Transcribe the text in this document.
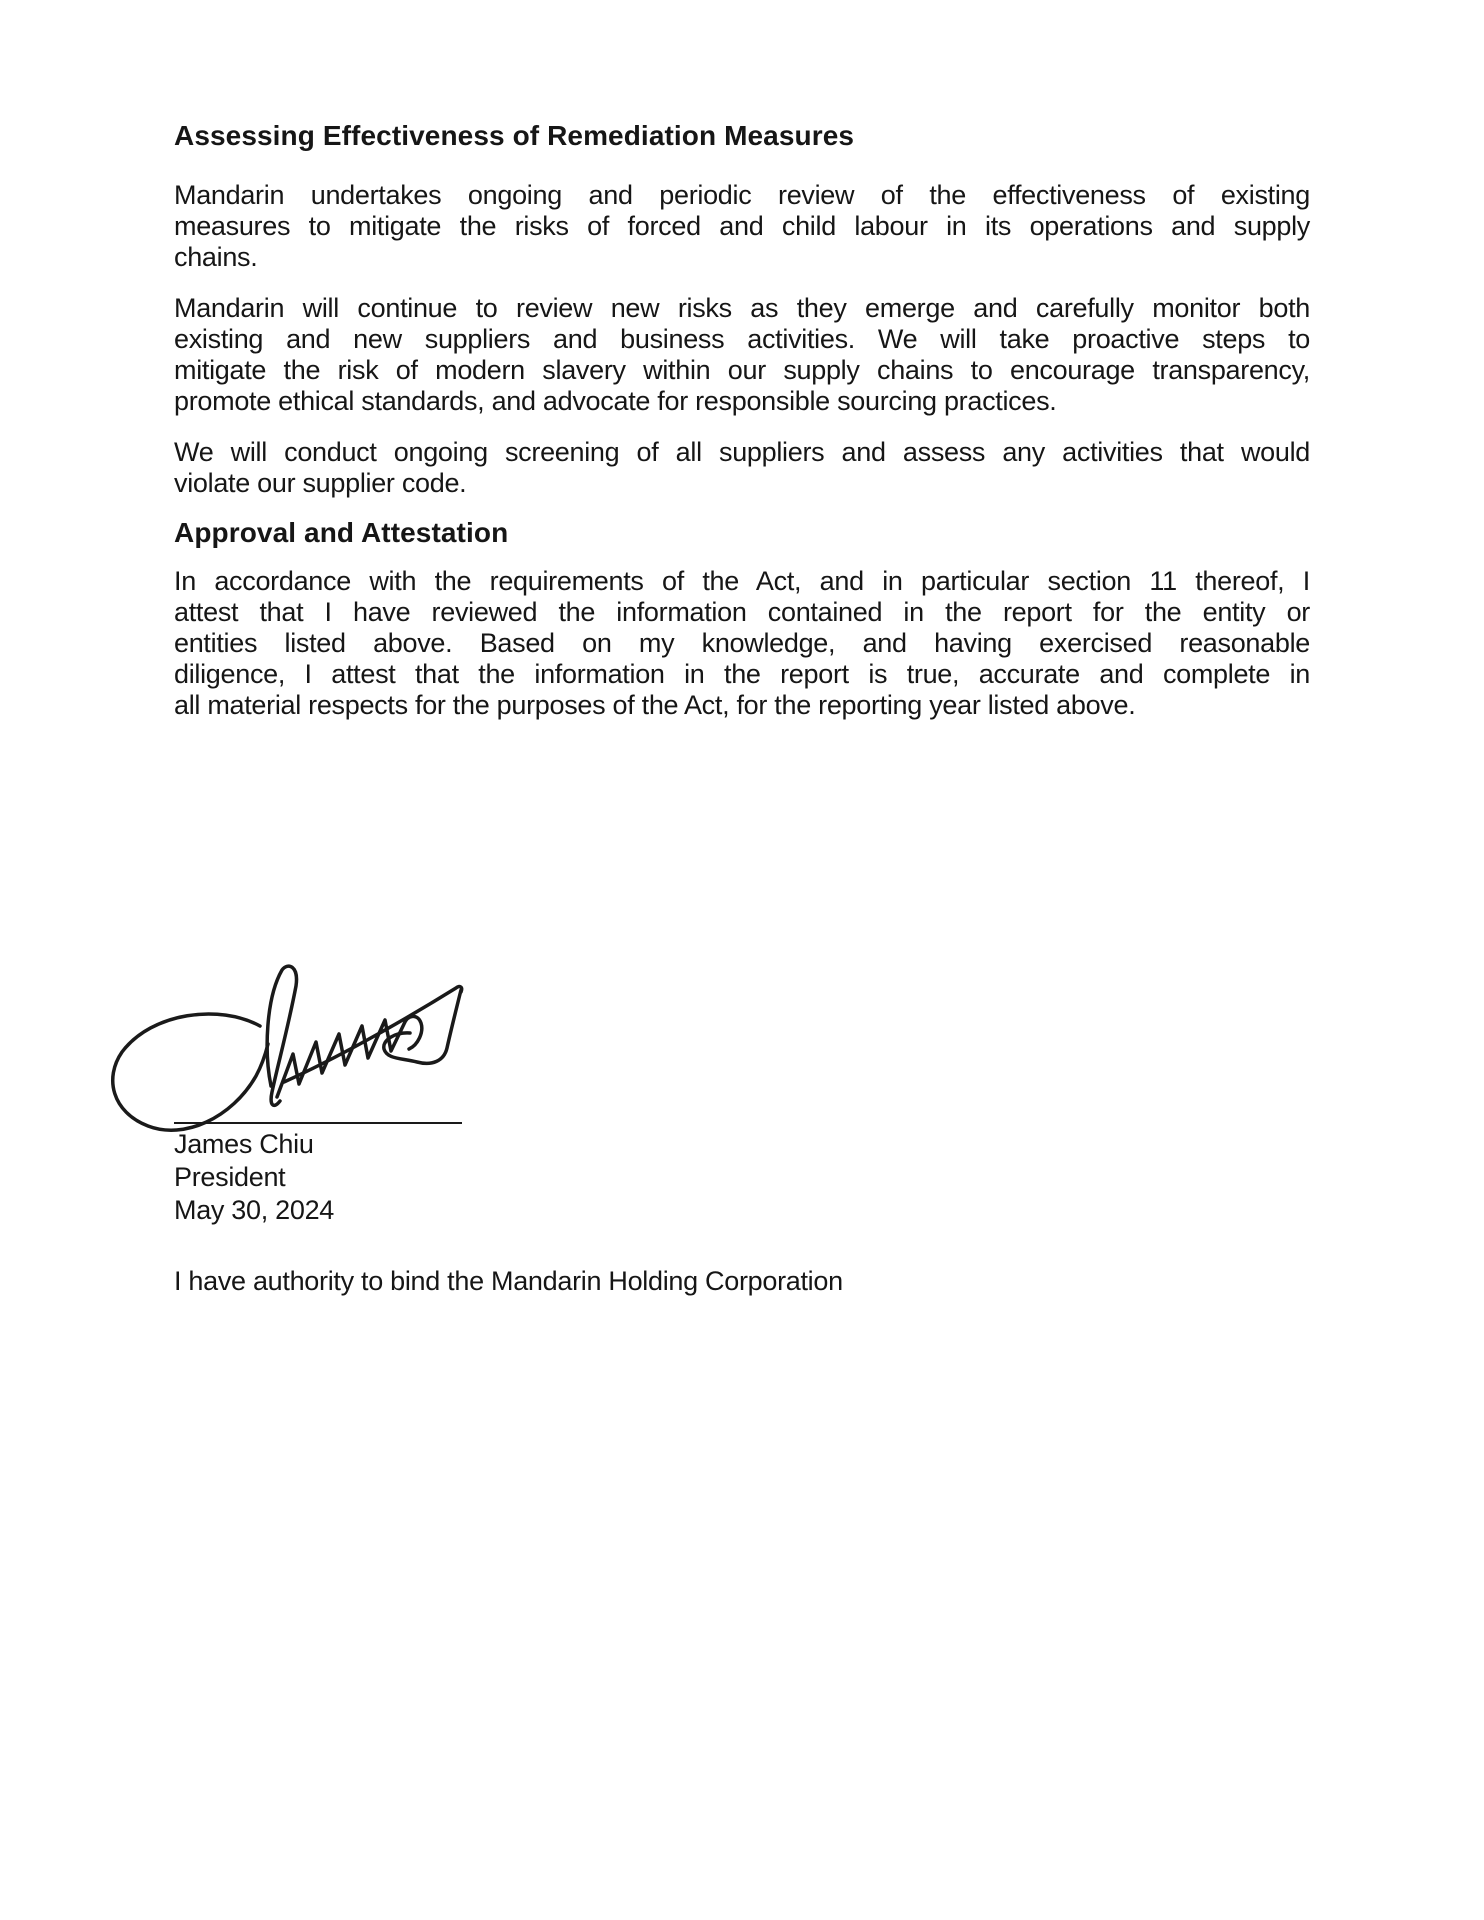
Assessing Effectiveness of Remediation Measures
Mandarin undertakes ongoing and periodic review of the effectiveness of existing
measures to mitigate the risks of forced and child labour in its operations and supply
chains.
Mandarin will continue to review new risks as they emerge and carefully monitor both
existing and new suppliers and business activities. We will take proactive steps to
mitigate the risk of modern slavery within our supply chains to encourage transparency,
promote ethical standards, and advocate for responsible sourcing practices.
We will conduct ongoing screening of all suppliers and assess any activities that would
violate our supplier code.
Approval and Attestation
In accordance with the requirements of the Act, and in particular section 11 thereof, I
attest that I have reviewed the information contained in the report for the entity or
entities listed above. Based on my knowledge, and having exercised reasonable
diligence, I attest that the information in the report is true, accurate and complete in
all material respects for the purposes of the Act, for the reporting year listed above.
James Chiu
President
May 30, 2024
I have authority to bind the Mandarin Holding Corporation
